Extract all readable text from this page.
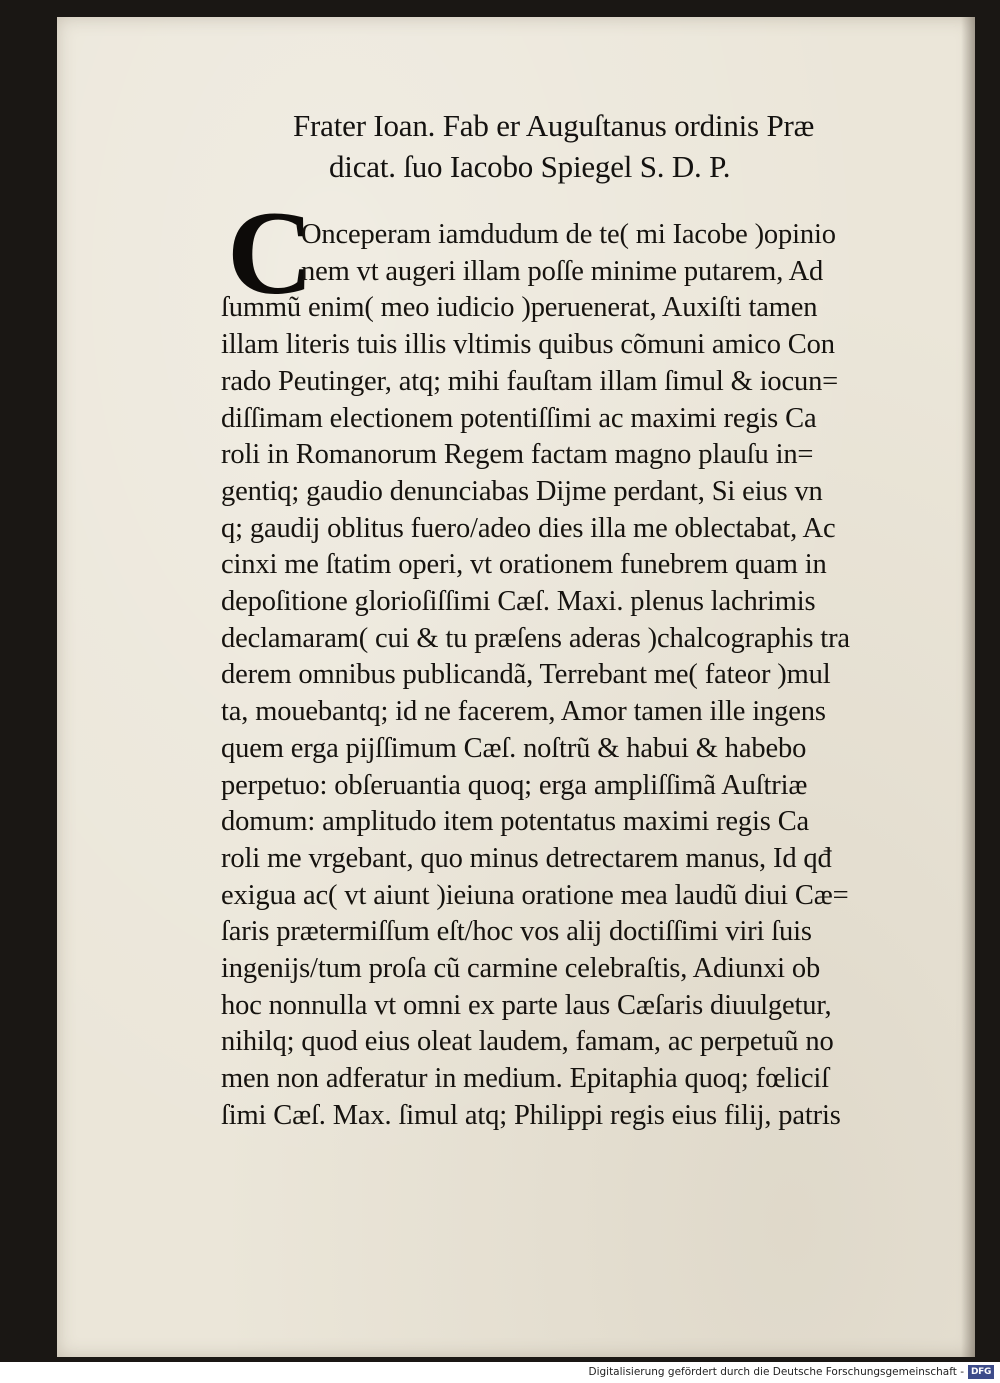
Frater Ioan. Fab er Auguſtanus ordinis Præ
dicat. ſuo Iacobo Spiegel S. D. P.
C
Onceperam iamdudum de te( mi Iacobe )opinio
nem vt augeri illam poſſe minime putarem, Ad
ſummũ enim( meo iudicio )peruenerat, Auxiſti tamen
illam literis tuis illis vltimis quibus cõmuni amico Con
rado Peutinger, atq; mihi fauſtam illam ſimul & iocun=
diſſimam electionem potentiſſimi ac maximi regis Ca
roli in Romanorum Regem factam magno plauſu in=
gentiq; gaudio denunciabas Dijme perdant, Si eius vn
q; gaudij oblitus fuero/adeo dies illa me oblectabat, Ac
cinxi me ſtatim operi, vt orationem funebrem quam in
depoſitione glorioſiſſimi Cæſ. Maxi. plenus lachrimis
declamaram( cui & tu præſens aderas )chalcographis tra
derem omnibus publicandã, Terrebant me( fateor )mul
ta, mouebantq; id ne facerem, Amor tamen ille ingens
quem erga pijſſimum Cæſ. noſtrũ & habui & habebo
perpetuo: obſeruantia quoq; erga ampliſſimã Auſtriæ
domum: amplitudo item potentatus maximi regis Ca
roli me vrgebant, quo minus detrectarem manus, Id qđ
exigua ac( vt aiunt )ieiuna oratione mea laudũ diui Cæ=
ſaris prætermiſſum eſt/hoc vos alij doctiſſimi viri ſuis
ingenijs/tum proſa cũ carmine celebraſtis, Adiunxi ob
hoc nonnulla vt omni ex parte laus Cæſaris diuulgetur,
nihilq; quod eius oleat laudem, famam, ac perpetuũ no
men non adferatur in medium. Epitaphia quoq; fœliciſ
ſimi Cæſ. Max. ſimul atq; Philippi regis eius filij, patris
Digitalisierung gefördert durch die Deutsche Forschungsgemeinschaft - DFG
